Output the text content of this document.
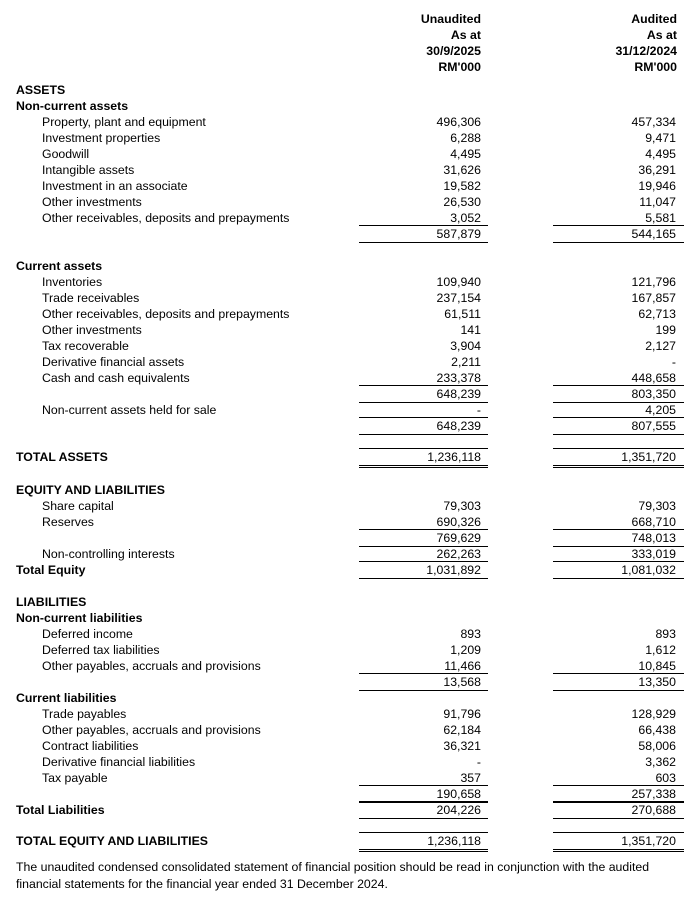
Unaudited
As at
30/9/2025
RM'000
Audited
As at
31/12/2024
RM'000
ASSETS
Non-current assets
Property, plant and equipment	496,306	457,334
Investment properties	6,288	9,471
Goodwill	4,495	4,495
Intangible assets	31,626	36,291
Investment in an associate	19,582	19,946
Other investments	26,530	11,047
Other receivables, deposits and prepayments	3,052	5,581
587,879	544,165
Current assets
Inventories	109,940	121,796
Trade receivables	237,154	167,857
Other receivables, deposits and prepayments	61,511	62,713
Other investments	141	199
Tax recoverable	3,904	2,127
Derivative financial assets	2,211	-
Cash and cash equivalents	233,378	448,658
648,239	803,350
Non-current assets held for sale	-	4,205
648,239	807,555
TOTAL ASSETS	1,236,118	1,351,720
EQUITY AND LIABILITIES
Share capital	79,303	79,303
Reserves	690,326	668,710
769,629	748,013
Non-controlling interests	262,263	333,019
Total Equity	1,031,892	1,081,032
LIABILITIES
Non-current liabilities
Deferred income	893	893
Deferred tax liabilities	1,209	1,612
Other payables, accruals and provisions	11,466	10,845
13,568	13,350
Current liabilities
Trade payables	91,796	128,929
Other payables, accruals and provisions	62,184	66,438
Contract liabilities	36,321	58,006
Derivative financial liabilities	-	3,362
Tax payable	357	603
190,658	257,338
Total Liabilities	204,226	270,688
TOTAL EQUITY AND LIABILITIES	1,236,118	1,351,720
The unaudited condensed consolidated statement of financial position should be read in conjunction with the audited financial statements for the financial year ended 31 December 2024.
